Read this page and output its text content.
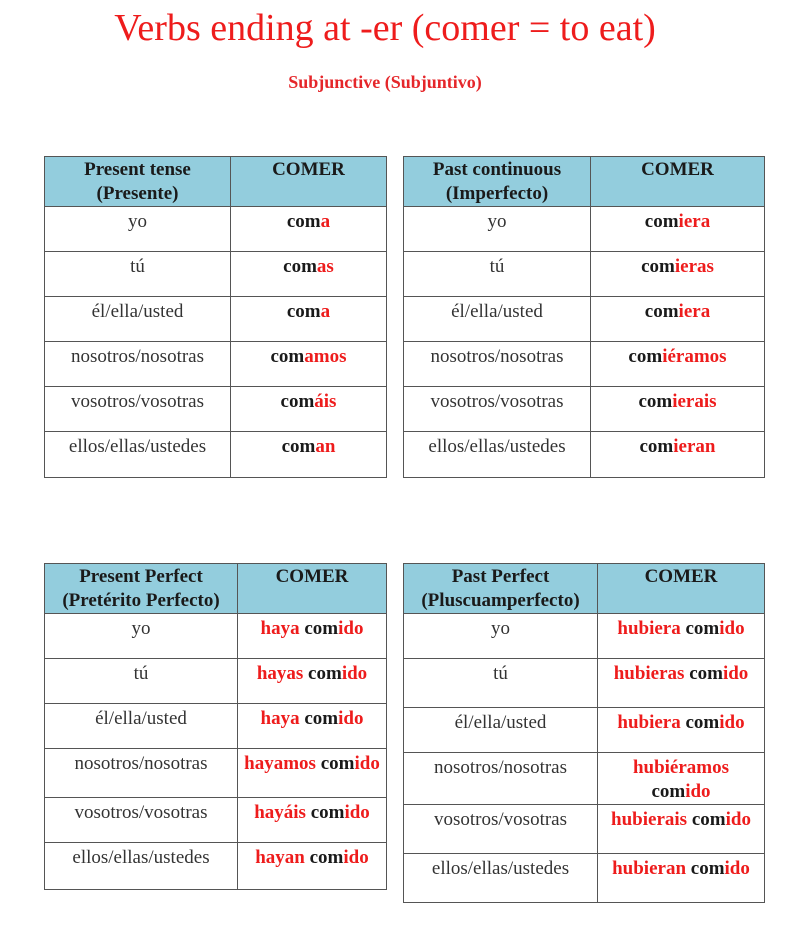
Verbs ending at -er (comer = to eat)
Subjunctive (Subjuntivo)
Present tense
(Presente)	COMER
yo	coma
tú	comas
él/ella/usted	coma
nosotros/nosotras	comamos
vosotros/vosotras	comáis
ellos/ellas/ustedes	coman
Past continuous
(Imperfecto)	COMER
yo	comiera
tú	comieras
él/ella/usted	comiera
nosotros/nosotras	comiéramos
vosotros/vosotras	comierais
ellos/ellas/ustedes	comieran
Present Perfect
(Pretérito Perfecto)	COMER
yo	haya comido
tú	hayas comido
él/ella/usted	haya comido
nosotros/nosotras	hayamos comido
vosotros/vosotras	hayáis comido
ellos/ellas/ustedes	hayan comido
Past Perfect
(Pluscuamperfecto)	COMER
yo	hubiera comido
tú	hubieras comido
él/ella/usted	hubiera comido
nosotros/nosotras	hubiéramos comido
vosotros/vosotras	hubierais comido
ellos/ellas/ustedes	hubieran comido
